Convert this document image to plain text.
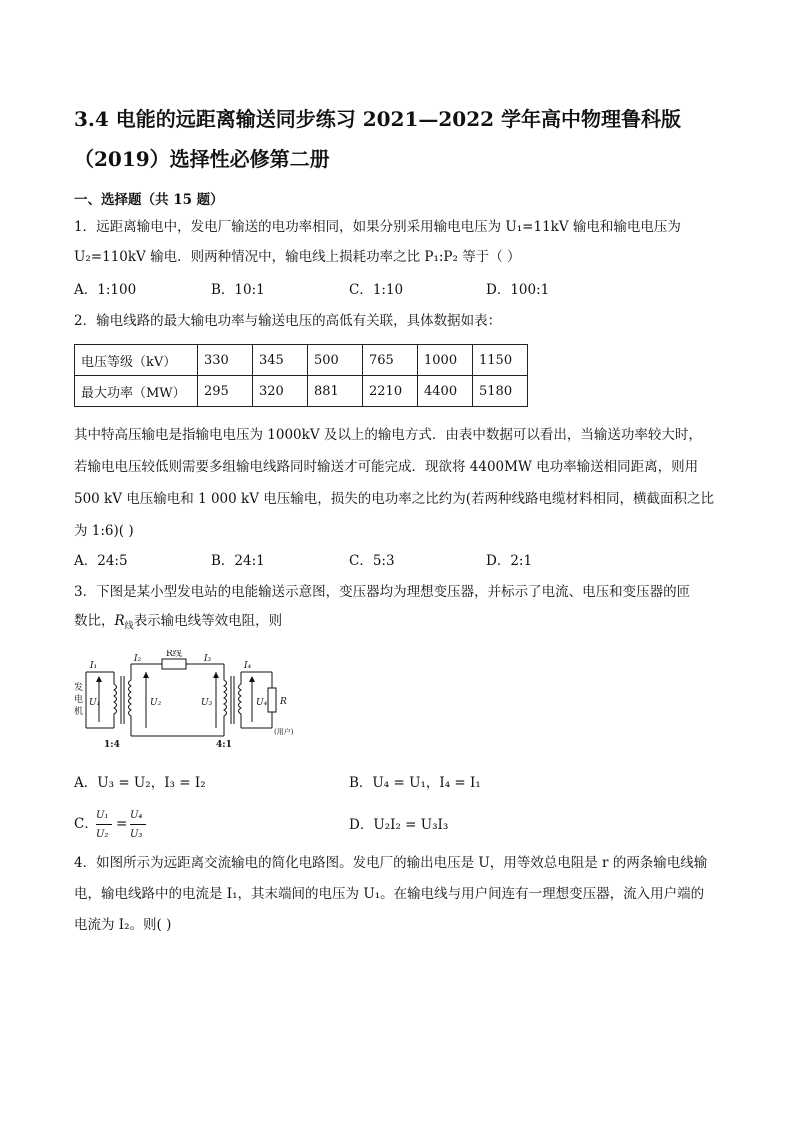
3.4 电能的远距离输送同步练习 2021—2022 学年高中物理鲁科版
（2019）选择性必修第二册
一、选择题（共 15 题）
1．远距离输电中，发电厂输送的电功率相同，如果分别采用输电电压为 U₁=11kV 输电和输电电压为
U₂=110kV 输电．则两种情况中，输电线上损耗功率之比 P₁:P₂ 等于（ ）
A．1:100	B．10:1	C．1:10	D．100:1
2．输电线路的最大输电功率与输送电压的高低有关联，具体数据如表：
电压等级（kV）	330	345	500	765	1000	1150
最大功率（MW）	295	320	881	2210	4400	5180
其中特高压输电是指输电电压为 1000kV 及以上的输电方式．由表中数据可以看出，当输送功率较大时，
若输电电压较低则需要多组输电线路同时输送才可能完成．现欲将 4400MW 电功率输送相同距离，则用
500 kV 电压输电和 1 000 kV 电压输电，损失的电功率之比约为(若两种线路电缆材料相同，横截面积之比
为 1:6)( )
A．24:5	B．24:1	C．5:3	D．2:1
3．下图是某小型发电站的电能输送示意图，变压器均为理想变压器，并标示了电流、电压和变压器的匝
数比，$R_线$表示输电线等效电阻，则
发
电
机
I₁
I₂	I₃
I₄
U₁	U₂	U₃	U₄ R
R线
(用户)
1:4	4:1
A．U₃ = U₂，I₃ = I₂	B．U₄ = U₁，I₄ = I₁
C．
U₁
U₂
=
U₄
U₃
D．U₂I₂ = U₃I₃
4．如图所示为远距离交流输电的简化电路图。发电厂的输出电压是 U，用等效总电阻是 r 的两条输电线输
电，输电线路中的电流是 I₁，其末端间的电压为 U₁。在输电线与用户间连有一理想变压器，流入用户端的
电流为 I₂。则( )
